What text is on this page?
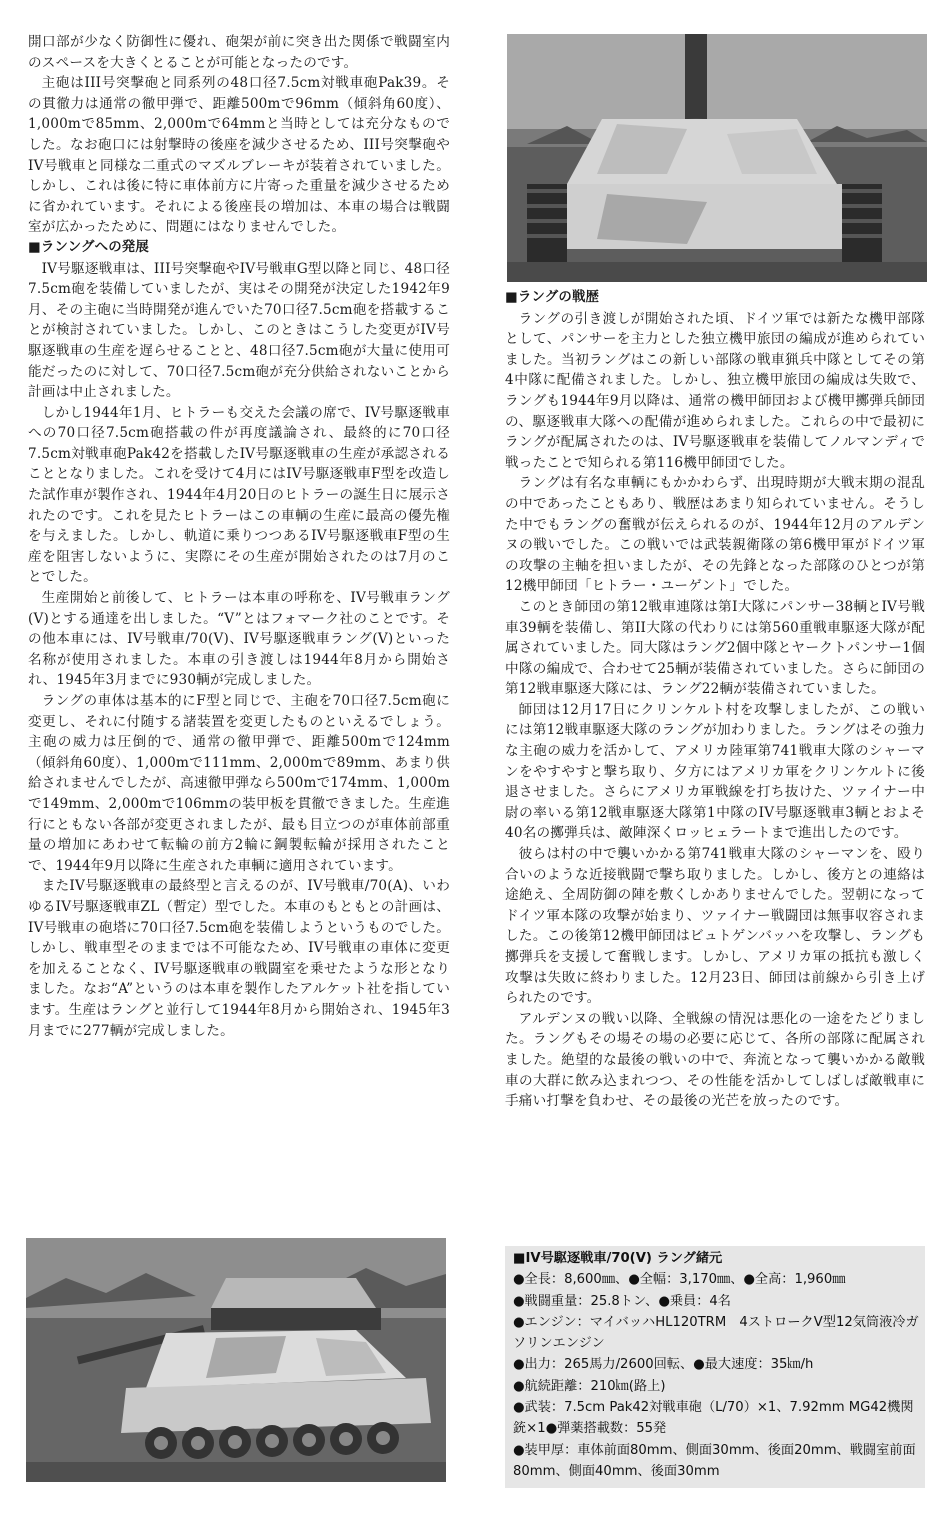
開口部が少なく防御性に優れ、砲架が前に突き出た関係で戦闘室内のスペースを大きくとることが可能となったのです。

主砲はIII号突撃砲と同系列の48口径7.5cm対戦車砲Pak39。その貫徹力は通常の徹甲弾で、距離500mで96mm（傾斜角60度）、1,000mで85mm、2,000mで64mmと当時としては充分なものでした。なお砲口には射撃時の後座を減少させるため、III号突撃砲やIV号戦車と同様な二重式のマズルブレーキが装着されていました。しかし、これは後に特に車体前方に片寄った重量を減少させるために省かれています。それによる後座長の増加は、本車の場合は戦闘室が広かったために、問題にはなりませんでした。

■ランングへの発展

IV号駆逐戦車は、III号突撃砲やIV号戦車G型以降と同じ、48口径7.5cm砲を装備していましたが、実はその開発が決定した1942年9月、その主砲に当時開発が進んでいた70口径7.5cm砲を搭載することが検討されていました。しかし、このときはこうした変更がIV号駆逐戦車の生産を遅らせることと、48口径7.5cm砲が大量に使用可能だったのに対して、70口径7.5cm砲が充分供給されないことから計画は中止されました。

しかし1944年1月、ヒトラーも交えた会議の席で、IV号駆逐戦車への70口径7.5cm砲搭載の件が再度議論され、最終的に70口径7.5cm対戦車砲Pak42を搭載したIV号駆逐戦車の生産が承認されることとなりました。これを受けて4月にはIV号駆逐戦車F型を改造した試作車が製作され、1944年4月20日のヒトラーの誕生日に展示されたのです。これを見たヒトラーはこの車輌の生産に最高の優先権を与えました。しかし、軌道に乗りつつあるIV号駆逐戦車F型の生産を阻害しないように、実際にその生産が開始されたのは7月のことでした。

生産開始と前後して、ヒトラーは本車の呼称を、IV号戦車ラング(V)とする通達を出しました。“V”とはフォマーク社のことです。その他本車には、IV号戦車/70(V)、IV号駆逐戦車ラング(V)といった名称が使用されました。本車の引き渡しは1944年8月から開始され、1945年3月までに930輌が完成しました。

ラングの車体は基本的にF型と同じで、主砲を70口径7.5cm砲に変更し、それに付随する諸装置を変更したものといえるでしょう。主砲の威力は圧倒的で、通常の徹甲弾で、距離500mで124mm（傾斜角60度）、1,000mで111mm、2,000mで89mm、あまり供給されませんでしたが、高速徹甲弾なら500mで174mm、1,000mで149mm、2,000mで106mmの装甲板を貫徹できました。生産進行にともない各部が変更されましたが、最も目立つのが車体前部重量の増加にあわせて転輪の前方2輪に鋼製転輪が採用されたことで、1944年9月以降に生産された車輌に適用されています。

またIV号駆逐戦車の最終型と言えるのが、IV号戦車/70(A)、いわゆるIV号駆逐戦車ZL（暫定）型でした。本車のもともとの計画は、IV号戦車の砲塔に70口径7.5cm砲を装備しようというものでした。しかし、戦車型そのままでは不可能なため、IV号戦車の車体に変更を加えることなく、IV号駆逐戦車の戦闘室を乗せたような形となりました。なお“A”というのは本車を製作したアルケット社を指しています。生産はラングと並行して1944年8月から開始され、1945年3月までに277輌が完成しました。

■ラングの戦歴

ラングの引き渡しが開始された頃、ドイツ軍では新たな機甲部隊として、パンサーを主力とした独立機甲旅団の編成が進められていました。当初ラングはこの新しい部隊の戦車猟兵中隊としてその第4中隊に配備されました。しかし、独立機甲旅団の編成は失敗で、ラングも1944年9月以降は、通常の機甲師団および機甲擲弾兵師団の、駆逐戦車大隊への配備が進められました。これらの中で最初にラングが配属されたのは、IV号駆逐戦車を装備してノルマンディで戦ったことで知られる第116機甲師団でした。

ラングは有名な車輌にもかかわらず、出現時期が大戦末期の混乱の中であったこともあり、戦歴はあまり知られていません。そうした中でもラングの奮戦が伝えられるのが、1944年12月のアルデンヌの戦いでした。この戦いでは武装親衛隊の第6機甲軍がドイツ軍の攻撃の主軸を担いましたが、その先鋒となった部隊のひとつが第12機甲師団「ヒトラー・ユーゲント」でした。

このとき師団の第12戦車連隊は第I大隊にパンサー38輌とIV号戦車39輌を装備し、第II大隊の代わりには第560重戦車駆逐大隊が配属されていました。同大隊はラング2個中隊とヤークトパンサー1個中隊の編成で、合わせて25輌が装備されていました。さらに師団の第12戦車駆逐大隊には、ラング22輌が装備されていました。

師団は12月17日にクリンケルト村を攻撃しましたが、この戦いには第12戦車駆逐大隊のラングが加わりました。ラングはその強力な主砲の威力を活かして、アメリカ陸軍第741戦車大隊のシャーマンをやすやすと撃ち取り、夕方にはアメリカ軍をクリンケルトに後退させました。さらにアメリカ軍戦線を打ち抜けた、ツァイナー中尉の率いる第12戦車駆逐大隊第1中隊のIV号駆逐戦車3輌とおよそ40名の擲弾兵は、敵陣深くロッヒェラートまで進出したのです。

彼らは村の中で襲いかかる第741戦車大隊のシャーマンを、殴り合いのような近接戦闘で撃ち取りました。しかし、後方との連絡は途絶え、全周防御の陣を敷くしかありませんでした。翌朝になってドイツ軍本隊の攻撃が始まり、ツァイナー戦闘団は無事収容されました。この後第12機甲師団はビュトゲンバッハを攻撃し、ラングも擲弾兵を支援して奮戦します。しかし、アメリカ軍の抵抗も激しく攻撃は失敗に終わりました。12月23日、師団は前線から引き上げられたのです。

アルデンヌの戦い以降、全戦線の情況は悪化の一途をたどりました。ラングもその場その場の必要に応じて、各所の部隊に配属されました。絶望的な最後の戦いの中で、奔流となって襲いかかる敵戦車の大群に飲み込まれつつ、その性能を活かしてしばしば敵戦車に手痛い打撃を負わせ、その最後の光芒を放ったのです。

■IV号駆逐戦車/70(V) ラング緒元

●全長：8,600㎜、●全幅：3,170㎜、●全高：1,960㎜

●戦闘重量：25.8トン、●乗員：4名

●エンジン：マイバッハHL120TRM　4ストロークV型12気筒液冷ガソリンエンジン

●出力：265馬力/2600回転、●最大速度：35㎞/h

●航続距離：210㎞(路上)

●武装：7.5cm Pak42対戦車砲（L/70）×1、7.92mm MG42機関銃×1●弾薬搭載数：55発

●装甲厚：車体前面80mm、側面30mm、後面20mm、戦闘室前面80mm、側面40mm、後面30mm
